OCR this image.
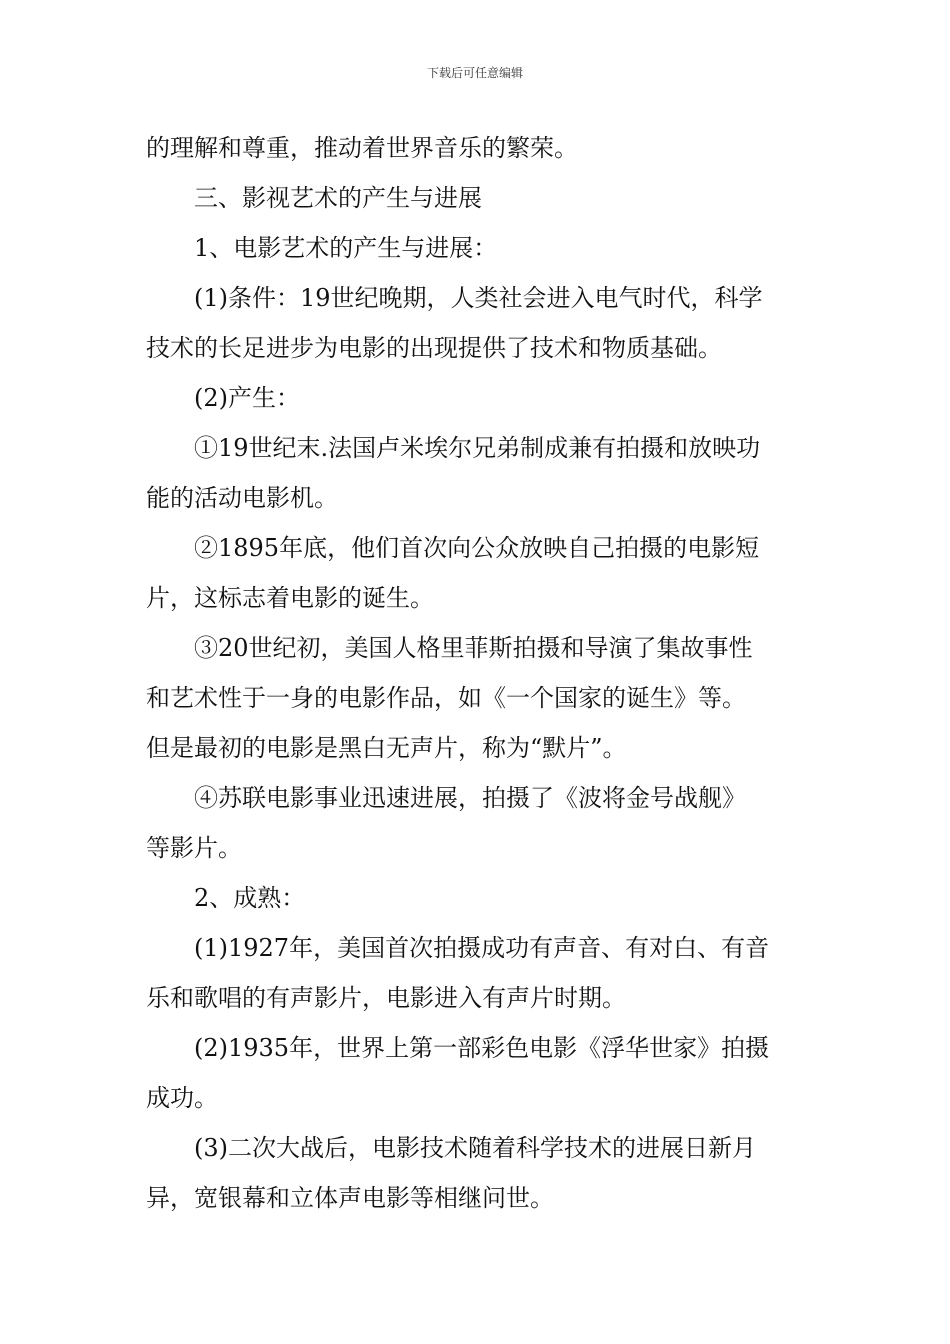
下载后可任意编辑
的理解和尊重，推动着世界音乐的繁荣。
三、影视艺术的产生与进展
1、电影艺术的产生与进展：
(1)条件：19世纪晚期，人类社会进入电气时代，科学
技术的长足进步为电影的出现提供了技术和物质基础。
(2)产生：
①19世纪末.法国卢米埃尔兄弟制成兼有拍摄和放映功
能的活动电影机。
②1895年底，他们首次向公众放映自己拍摄的电影短
片，这标志着电影的诞生。
③20世纪初，美国人格里菲斯拍摄和导演了集故事性
和艺术性于一身的电影作品，如《一个国家的诞生》等。
但是最初的电影是黑白无声片，称为“默片”。
④苏联电影事业迅速进展，拍摄了《波将金号战舰》
等影片。
2、成熟：
(1)1927年，美国首次拍摄成功有声音、有对白、有音
乐和歌唱的有声影片，电影进入有声片时期。
(2)1935年，世界上第一部彩色电影《浮华世家》拍摄
成功。
(3)二次大战后，电影技术随着科学技术的进展日新月
异，宽银幕和立体声电影等相继问世。
